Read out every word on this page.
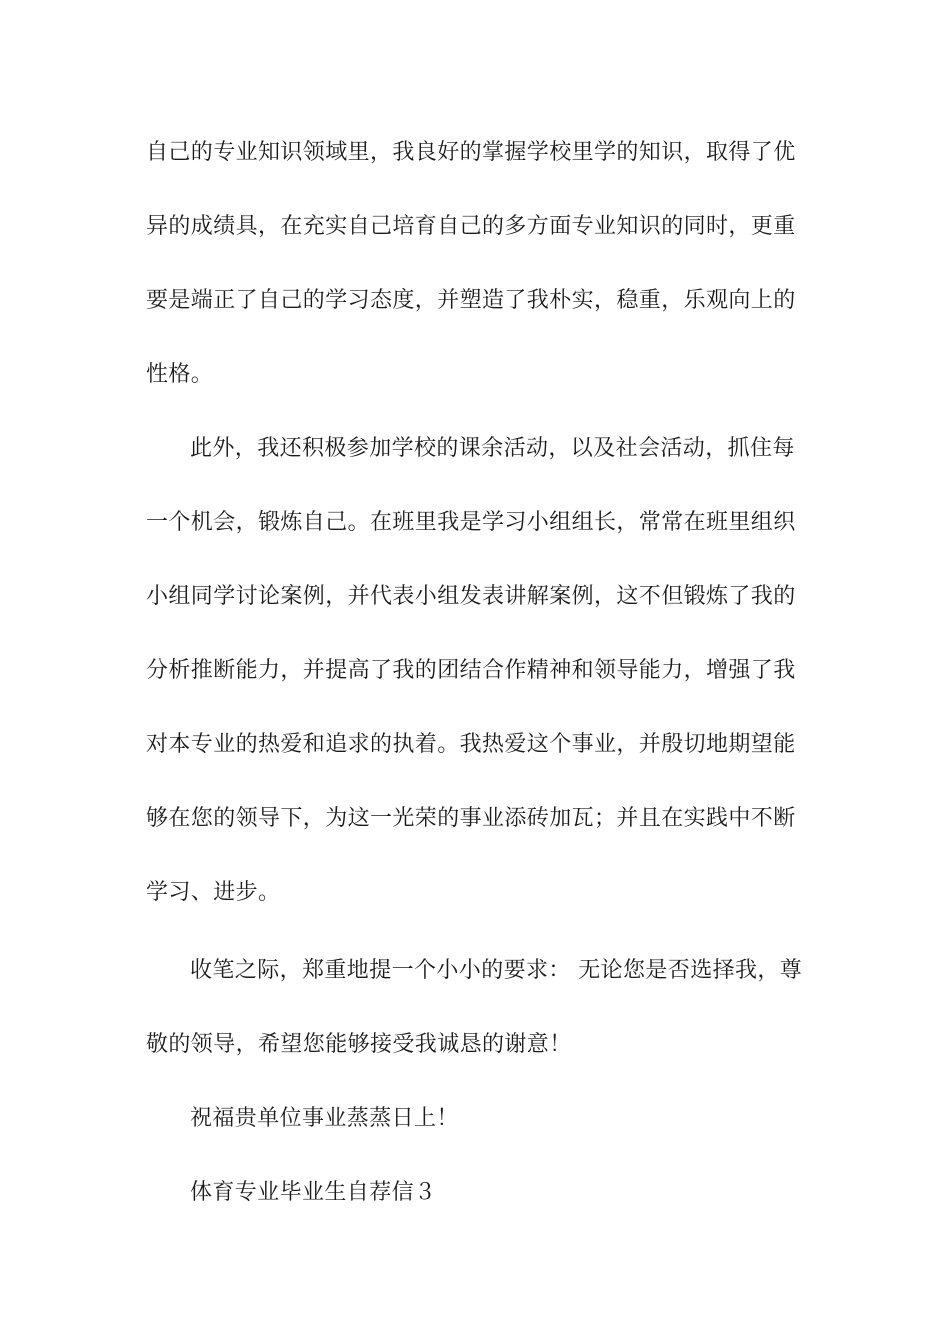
自己的专业知识领域里，我良好的掌握学校里学的知识，取得了优
异的成绩具，在充实自己培育自己的多方面专业知识的同时，更重
要是端正了自己的学习态度，并塑造了我朴实，稳重，乐观向上的
性格。
此外，我还积极参加学校的课余活动，以及社会活动，抓住每
一个机会，锻炼自己。在班里我是学习小组组长，常常在班里组织
小组同学讨论案例，并代表小组发表讲解案例，这不但锻炼了我的
分析推断能力，并提高了我的团结合作精神和领导能力，增强了我
对本专业的热爱和追求的执着。我热爱这个事业，并殷切地期望能
够在您的领导下，为这一光荣的事业添砖加瓦；并且在实践中不断
学习、进步。
收笔之际，郑重地提一个小小的要求： 无论您是否选择我，尊
敬的领导，希望您能够接受我诚恳的谢意！
祝福贵单位事业蒸蒸日上！
体育专业毕业生自荐信３
